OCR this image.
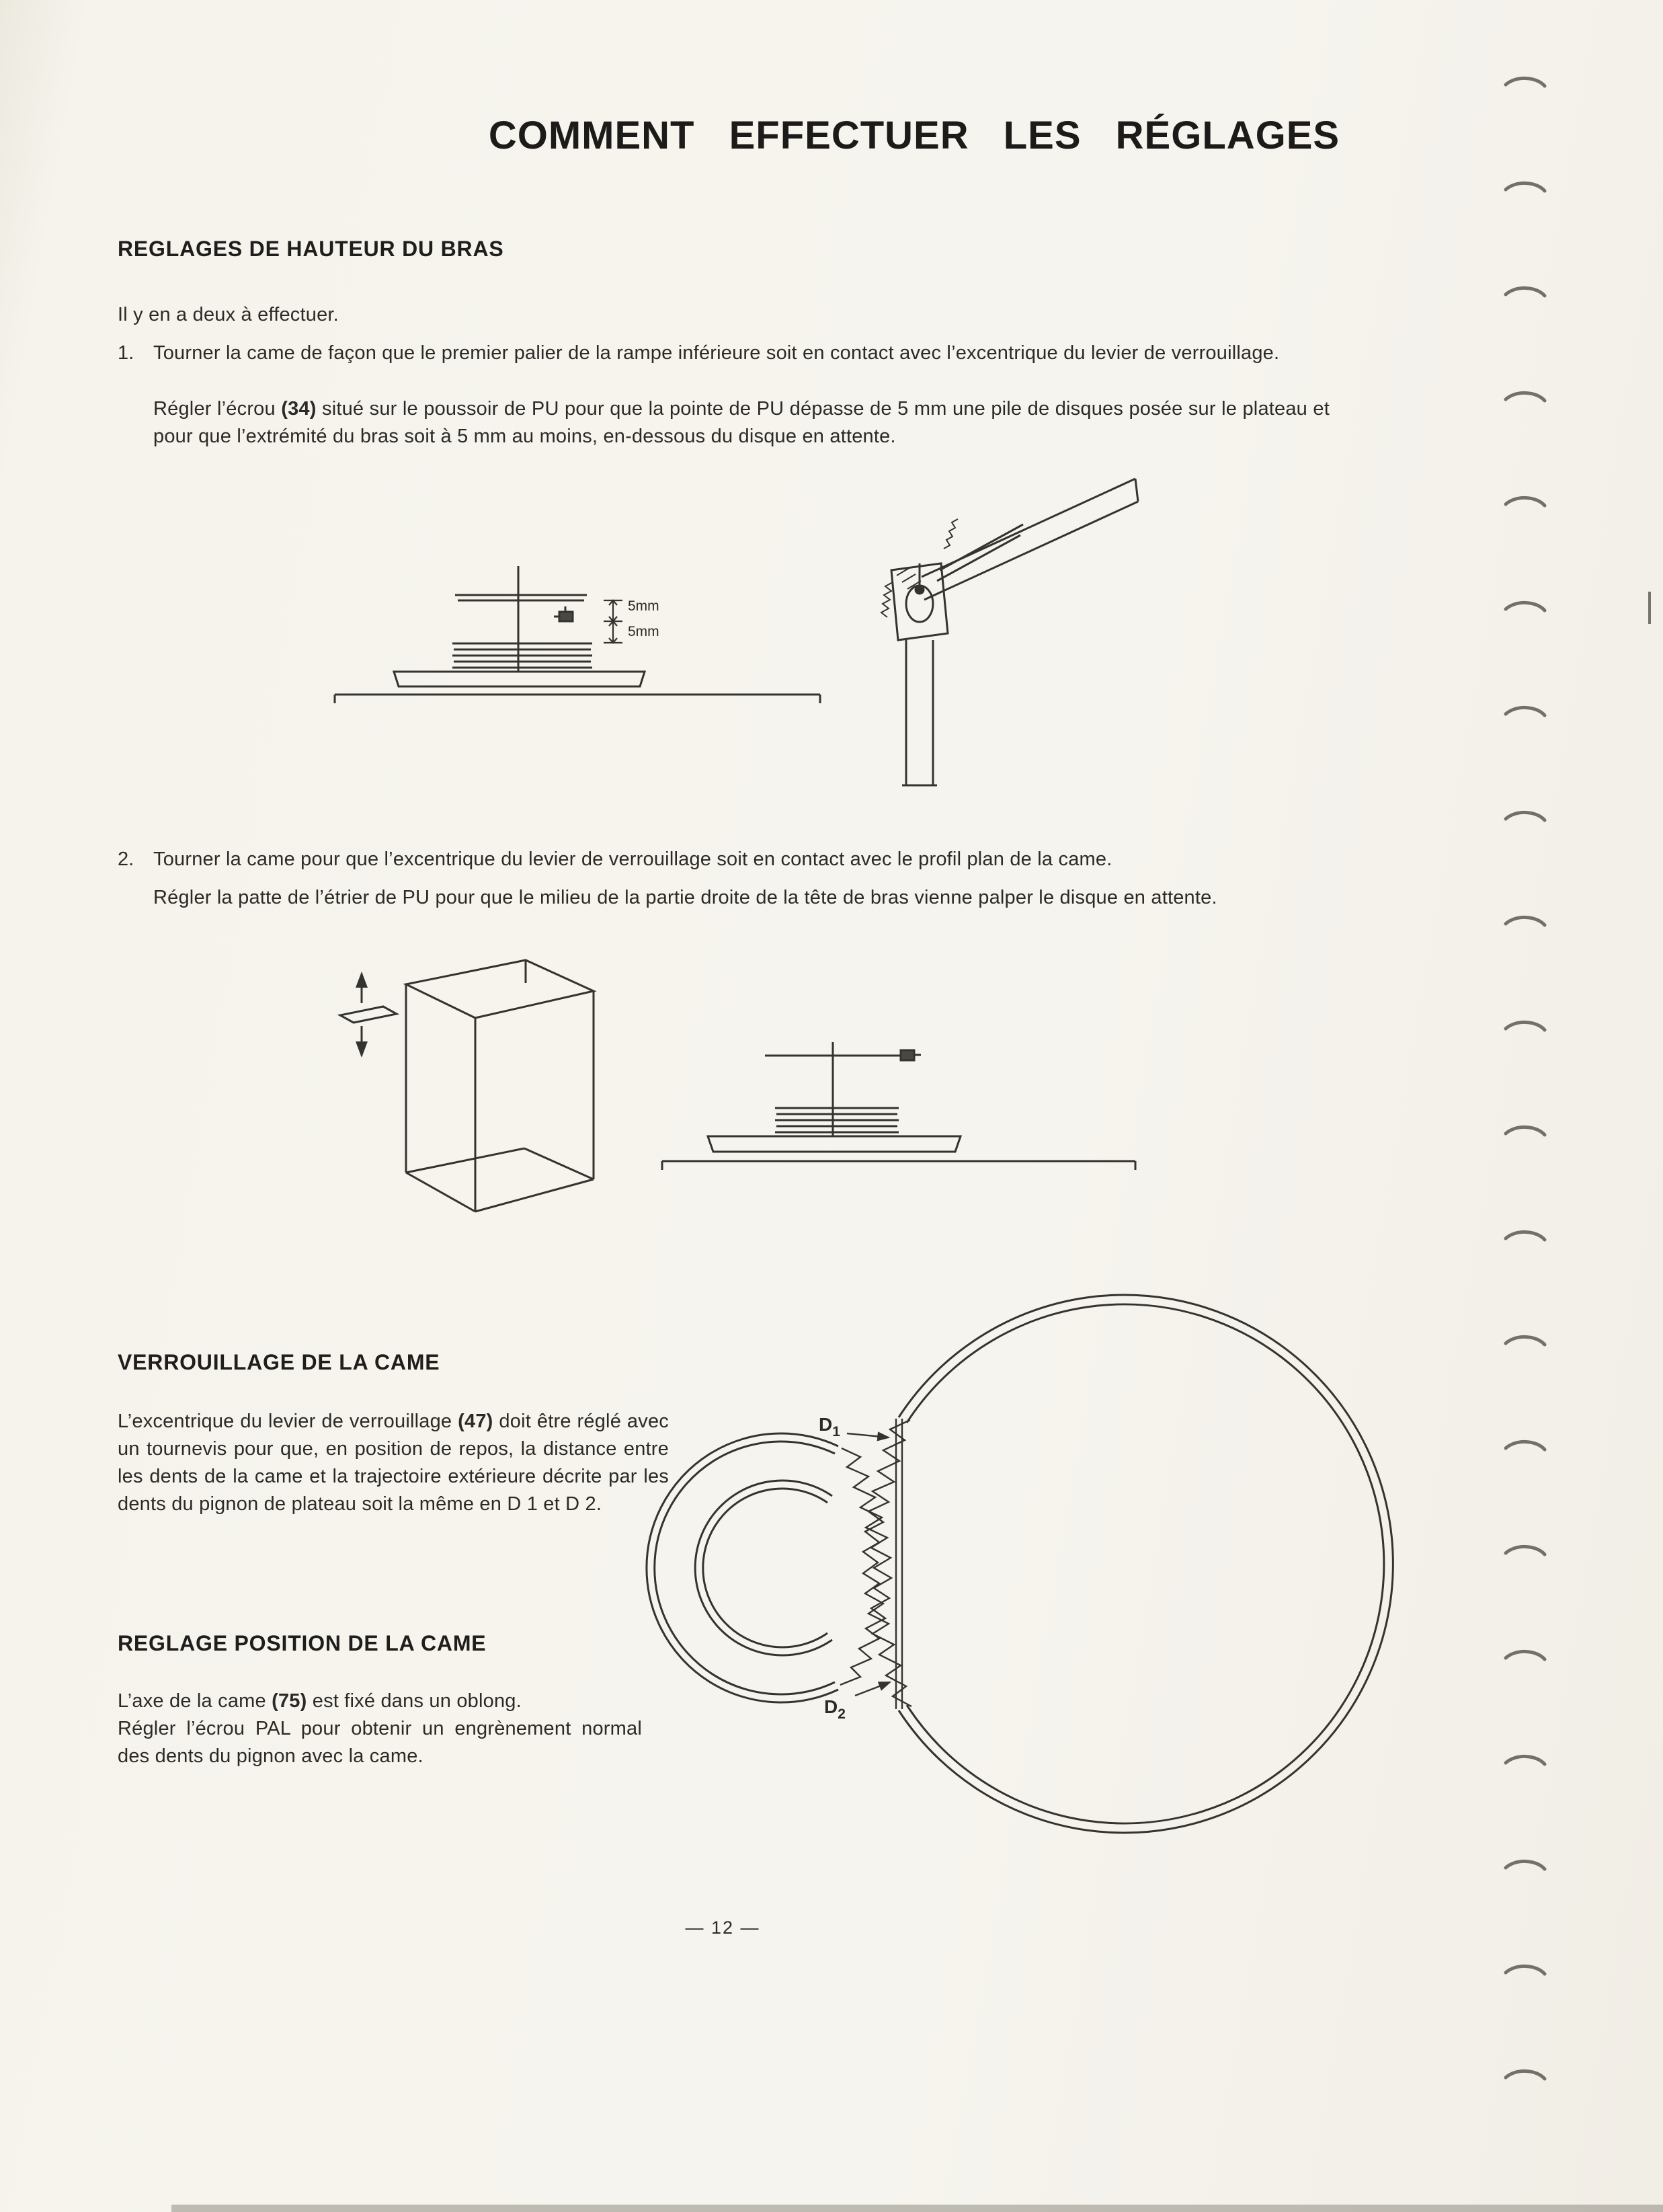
COMMENT EFFECTUER LES RÉGLAGES
REGLAGES DE HAUTEUR DU BRAS

Il y en a deux à effectuer.

1. Tourner la came de façon que le premier palier de la rampe inférieure soit en contact avec l’excentrique du levier de verrouillage.

Régler l’écrou (34) situé sur le poussoir de PU pour que la pointe de PU dépasse de 5 mm une pile de disques posée sur le plateau et pour que l’extrémité du bras soit à 5 mm au moins, en-dessous du disque en attente.

5mm
5mm
2. Tourner la came pour que l’excentrique du levier de verrouillage soit en contact avec le profil plan de la came.

Régler la patte de l’étrier de PU pour que le milieu de la partie droite de la tête de bras vienne palper le disque en attente.

VERROUILLAGE DE LA CAME

L’excentrique du levier de verrouillage (47) doit être réglé avec un tournevis pour que, en position de repos, la distance entre les dents de la came et la trajectoire extérieure décrite par les dents du pignon de plateau soit la même en D 1 et D 2.

REGLAGE POSITION DE LA CAME

L’axe de la came (75) est fixé dans un oblong.

Régler l’écrou PAL pour obtenir un engrènement normal des dents du pignon avec la came.

$D_1$
$D_2$
— 12 —
